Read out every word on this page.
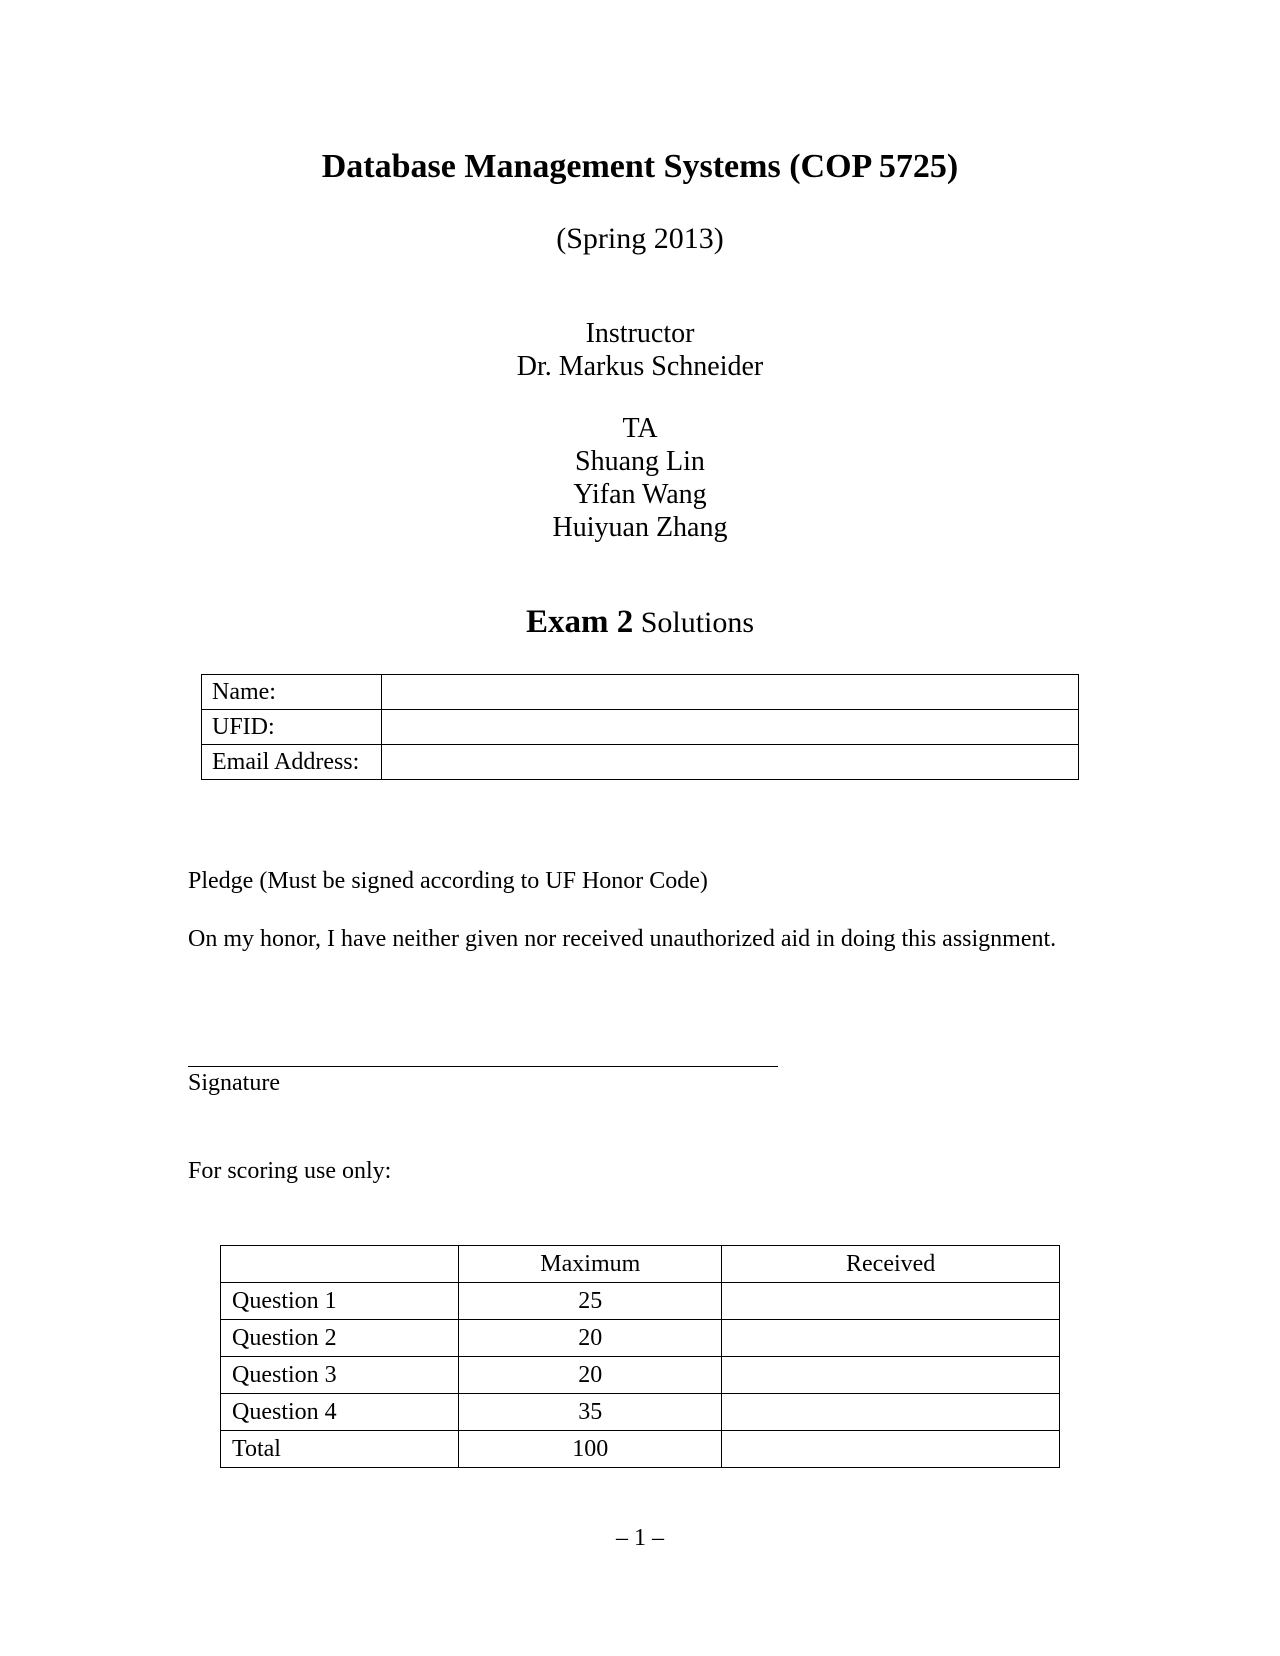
Database Management Systems (COP 5725)
(Spring 2013)
Instructor
Dr. Markus Schneider
TA
Shuang Lin
Yifan Wang
Huiyuan Zhang
Exam 2 Solutions
Name:	
UFID:	
Email Address:	
Pledge (Must be signed according to UF Honor Code)
On my honor, I have neither given nor received unauthorized aid in doing this assignment.
Signature
For scoring use only:
	Maximum	Received
Question 1	25	
Question 2	20	
Question 3	20	
Question 4	35	
Total	100	
– 1 –
